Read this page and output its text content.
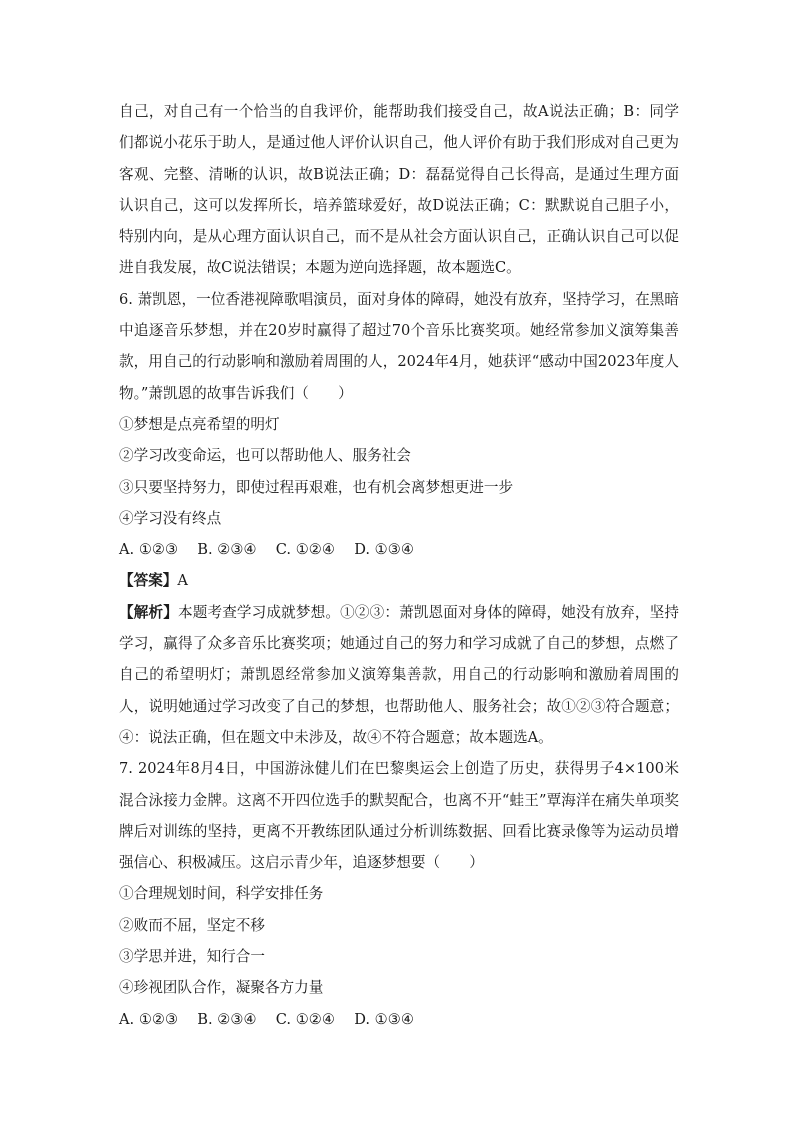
自己，对自己有一个恰当的自我评价，能帮助我们接受自己，故A说法正确；B：同学们都说小花乐于助人，是通过他人评价认识自己，他人评价有助于我们形成对自己更为客观、完整、清晰的认识，故B说法正确；D：磊磊觉得自己长得高，是通过生理方面认识自己，这可以发挥所长，培养篮球爱好，故D说法正确；C：默默说自己胆子小，特别内向，是从心理方面认识自己，而不是从社会方面认识自己，正确认识自己可以促进自我发展，故C说法错误；本题为逆向选择题，故本题选C。

6. 萧凯恩，一位香港视障歌唱演员，面对身体的障碍，她没有放弃，坚持学习，在黑暗中追逐音乐梦想，并在20岁时赢得了超过70个音乐比赛奖项。她经常参加义演筹集善款，用自己的行动影响和激励着周围的人，2024年4月，她获评“感动中国2023年度人物。”萧凯恩的故事告诉我们（　　）

①梦想是点亮希望的明灯

②学习改变命运，也可以帮助他人、服务社会

③只要坚持努力，即使过程再艰难，也有机会离梦想更进一步

④学习没有终点

A. ①②③　 B. ②③④　 C. ①②④　 D. ①③④

【答案】A

【解析】本题考查学习成就梦想。①②③：萧凯恩面对身体的障碍，她没有放弃，坚持学习，赢得了众多音乐比赛奖项；她通过自己的努力和学习成就了自己的梦想，点燃了自己的希望明灯；萧凯恩经常参加义演筹集善款，用自己的行动影响和激励着周围的人，说明她通过学习改变了自己的梦想，也帮助他人、服务社会；故①②③符合题意；④：说法正确，但在题文中未涉及，故④不符合题意；故本题选A。

7. 2024年8月4日，中国游泳健儿们在巴黎奥运会上创造了历史，获得男子4×100米混合泳接力金牌。这离不开四位选手的默契配合，也离不开“蛙王”覃海洋在痛失单项奖牌后对训练的坚持，更离不开教练团队通过分析训练数据、回看比赛录像等为运动员增强信心、积极减压。这启示青少年，追逐梦想要（　　）

①合理规划时间，科学安排任务

②败而不屈，坚定不移

③学思并进，知行合一

④珍视团队合作，凝聚各方力量

A. ①②③　 B. ②③④　 C. ①②④　 D. ①③④
